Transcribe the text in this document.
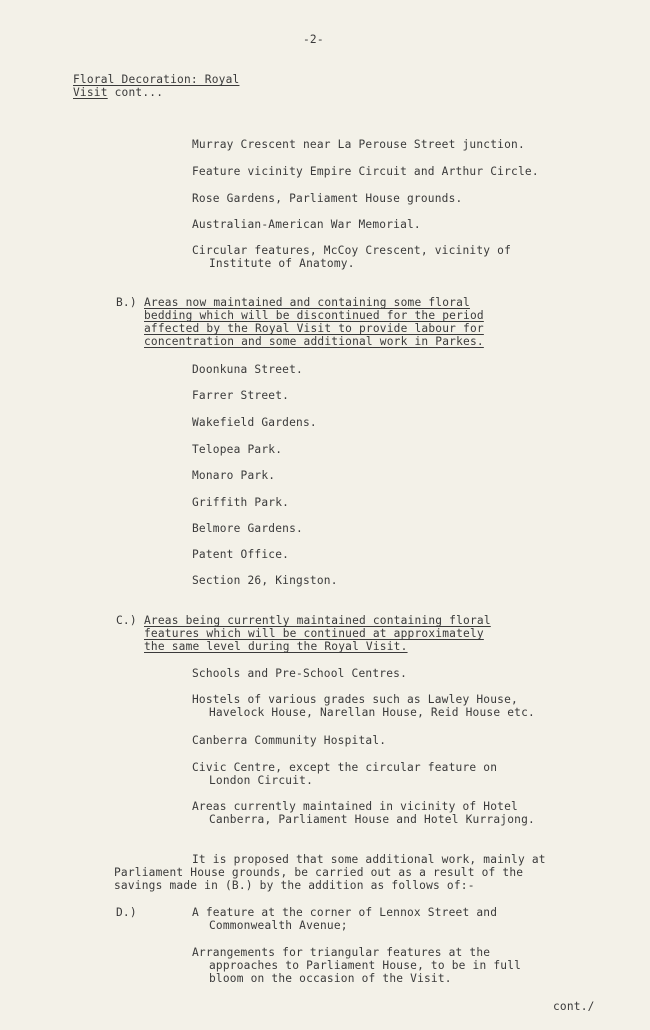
-2-
Floral Decoration: Royal
Visit cont...
Murray Crescent near La Perouse Street junction.
Feature vicinity Empire Circuit and Arthur Circle.
Rose Gardens, Parliament House grounds.
Australian-American War Memorial.
Circular features, McCoy Crescent, vicinity of
Institute of Anatomy.
B.) Areas now maintained and containing some floral
bedding which will be discontinued for the period
affected by the Royal Visit to provide labour for
concentration and some additional work in Parkes.
Doonkuna Street.
Farrer Street.
Wakefield Gardens.
Telopea Park.
Monaro Park.
Griffith Park.
Belmore Gardens.
Patent Office.
Section 26, Kingston.
C.) Areas being currently maintained containing floral
features which will be continued at approximately
the same level during the Royal Visit.
Schools and Pre-School Centres.
Hostels of various grades such as Lawley House,
Havelock House, Narellan House, Reid House etc.
Canberra Community Hospital.
Civic Centre, except the circular feature on
London Circuit.
Areas currently maintained in vicinity of Hotel
Canberra, Parliament House and Hotel Kurrajong.
It is proposed that some additional work, mainly at
Parliament House grounds, be carried out as a result of the
savings made in (B.) by the addition as follows of:-
D.)	A feature at the corner of Lennox Street and
Commonwealth Avenue;
Arrangements for triangular features at the
approaches to Parliament House, to be in full
bloom on the occasion of the Visit.
cont./
